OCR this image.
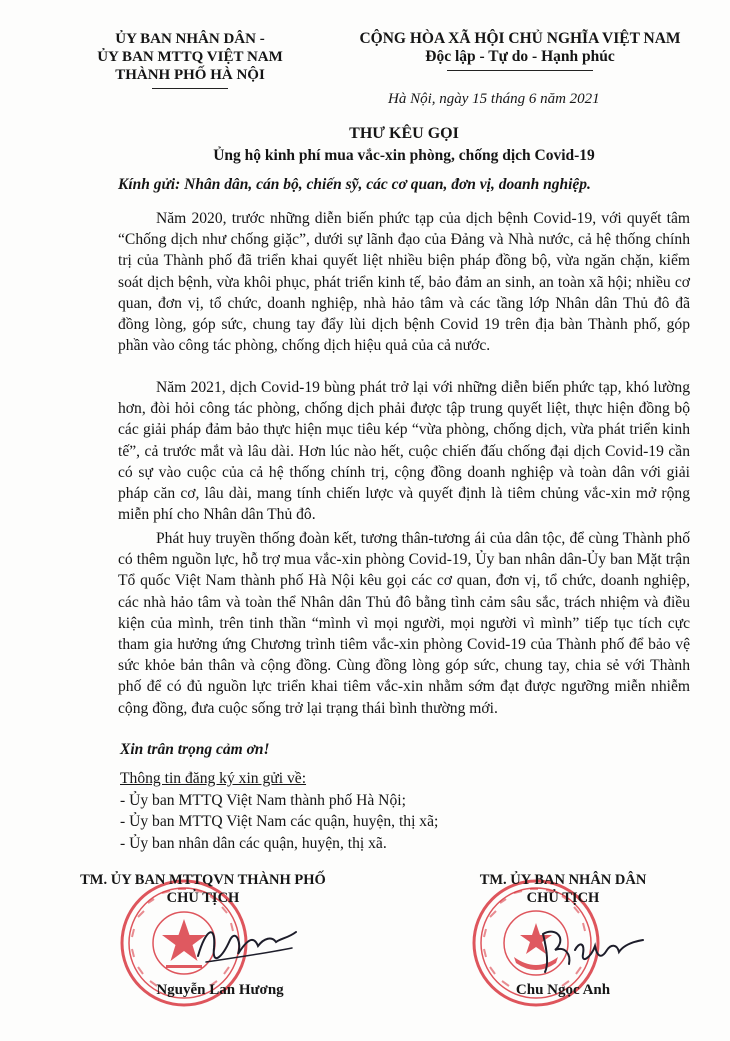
ỦY BAN NHÂN DÂN -
ỦY BAN MTTQ VIỆT NAM
THÀNH PHỐ HÀ NỘI
CỘNG HÒA XÃ HỘI CHỦ NGHĨA VIỆT NAM
Độc lập - Tự do - Hạnh phúc
Hà Nội, ngày 15 tháng 6 năm 2021
THƯ KÊU GỌI
Ủng hộ kinh phí mua vắc-xin phòng, chống dịch Covid-19
Kính gửi: Nhân dân, cán bộ, chiến sỹ, các cơ quan, đơn vị, doanh nghiệp.

Năm 2020, trước những diễn biến phức tạp của dịch bệnh Covid-19, với quyết tâm “Chống dịch như chống giặc”, dưới sự lãnh đạo của Đảng và Nhà nước, cả hệ thống chính trị của Thành phố đã triển khai quyết liệt nhiều biện pháp đồng bộ, vừa ngăn chặn, kiểm soát dịch bệnh, vừa khôi phục, phát triển kinh tế, bảo đảm an sinh, an toàn xã hội; nhiều cơ quan, đơn vị, tổ chức, doanh nghiệp, nhà hảo tâm và các tầng lớp Nhân dân Thủ đô đã đồng lòng, góp sức, chung tay đẩy lùi dịch bệnh Covid 19 trên địa bàn Thành phố, góp phần vào công tác phòng, chống dịch hiệu quả của cả nước.

Năm 2021, dịch Covid-19 bùng phát trở lại với những diễn biến phức tạp, khó lường hơn, đòi hỏi công tác phòng, chống dịch phải được tập trung quyết liệt, thực hiện đồng bộ các giải pháp đảm bảo thực hiện mục tiêu kép “vừa phòng, chống dịch, vừa phát triển kinh tế”, cả trước mắt và lâu dài. Hơn lúc nào hết, cuộc chiến đấu chống đại dịch Covid-19 cần có sự vào cuộc của cả hệ thống chính trị, cộng đồng doanh nghiệp và toàn dân với giải pháp căn cơ, lâu dài, mang tính chiến lược và quyết định là tiêm chủng vắc-xin mở rộng miễn phí cho Nhân dân Thủ đô.

Phát huy truyền thống đoàn kết, tương thân-tương ái của dân tộc, để cùng Thành phố có thêm nguồn lực, hỗ trợ mua vắc-xin phòng Covid-19, Ủy ban nhân dân-Ủy ban Mặt trận Tổ quốc Việt Nam thành phố Hà Nội kêu gọi các cơ quan, đơn vị, tổ chức, doanh nghiệp, các nhà hảo tâm và toàn thể Nhân dân Thủ đô bằng tình cảm sâu sắc, trách nhiệm và điều kiện của mình, trên tinh thần “mình vì mọi người, mọi người vì mình” tiếp tục tích cực tham gia hưởng ứng Chương trình tiêm vắc-xin phòng Covid-19 của Thành phố để bảo vệ sức khỏe bản thân và cộng đồng. Cùng đồng lòng góp sức, chung tay, chia sẻ với Thành phố để có đủ nguồn lực triển khai tiêm vắc-xin nhằm sớm đạt được ngưỡng miễn nhiễm cộng đồng, đưa cuộc sống trở lại trạng thái bình thường mới.

Xin trân trọng cảm ơn!
Thông tin đăng ký xin gửi về:
- Ủy ban MTTQ Việt Nam thành phố Hà Nội;
- Ủy ban MTTQ Việt Nam các quận, huyện, thị xã;
- Ủy ban nhân dân các quận, huyện, thị xã.
TM. ỦY BAN MTTQVN THÀNH PHỐ
CHỦ TỊCH
Nguyễn Lan Hương
TM. ỦY BAN NHÂN DÂN
CHỦ TỊCH
Chu Ngọc Anh
